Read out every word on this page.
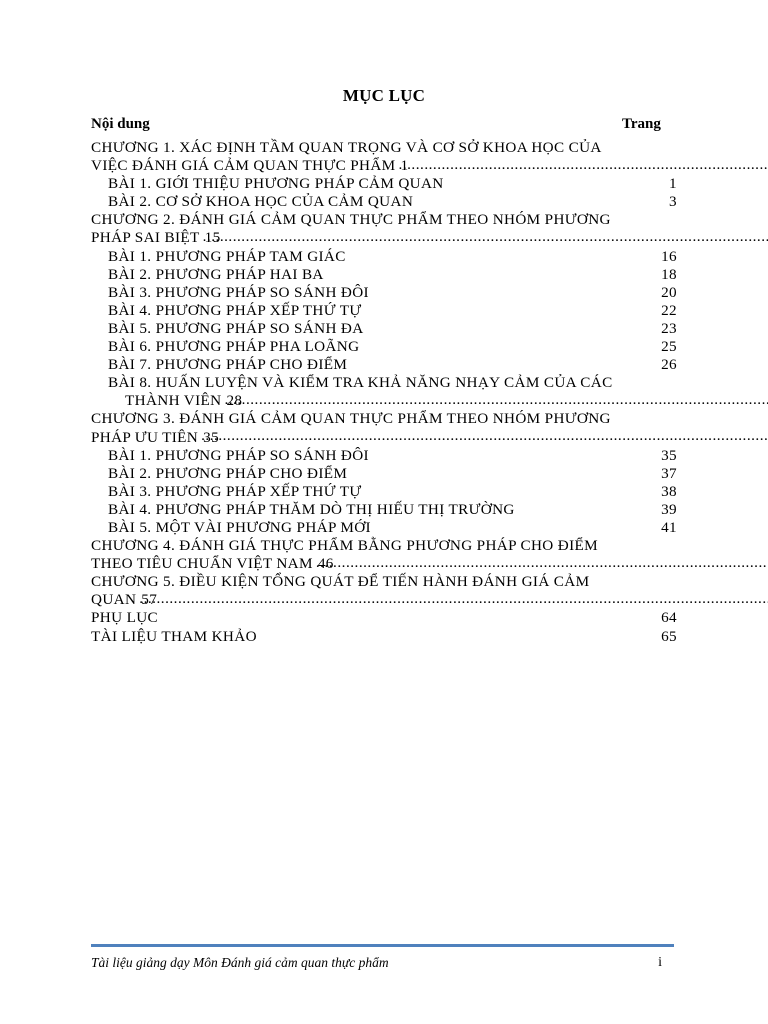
MỤC LỤC
Nội dung	Trang
CHƯƠNG 1. XÁC ĐỊNH TẦM QUAN TRỌNG VÀ CƠ SỞ KHOA HỌC CỦA
VIỆC ĐÁNH GIÁ CẢM QUAN THỰC PHẨM 1
BÀI 1. GIỚI THIỆU PHƯƠNG PHÁP CẢM QUAN	1
BÀI 2. CƠ SỞ KHOA HỌC CỦA CẢM QUAN	3
CHƯƠNG 2. ĐÁNH GIÁ CẢM QUAN THỰC PHẨM THEO NHÓM PHƯƠNG
PHÁP SAI BIỆT 15
BÀI 1. PHƯƠNG PHÁP TAM GIÁC	16
BÀI 2. PHƯƠNG PHÁP HAI BA	18
BÀI 3. PHƯƠNG PHÁP SO SÁNH ĐÔI	20
BÀI 4. PHƯƠNG PHÁP XẾP THỨ TỰ	22
BÀI 5. PHƯƠNG PHÁP SO SÁNH ĐA	23
BÀI 6. PHƯƠNG PHÁP PHA LOÃNG	25
BÀI 7. PHƯƠNG PHÁP CHO ĐIỂM	26
BÀI 8. HUẤN LUYỆN VÀ KIỂM TRA KHẢ NĂNG NHẠY CẢM CỦA CÁC
THÀNH VIÊN 28
CHƯƠNG 3. ĐÁNH GIÁ CẢM QUAN THỰC PHẨM THEO NHÓM PHƯƠNG
PHÁP ƯU TIÊN 35
BÀI 1. PHƯƠNG PHÁP SO SÁNH ĐÔI	35
BÀI 2. PHƯƠNG PHÁP CHO ĐIỂM	37
BÀI 3. PHƯƠNG PHÁP XẾP THỨ TỰ	38
BÀI 4. PHƯƠNG PHÁP THĂM DÒ THỊ HIẾU THỊ TRƯỜNG	39
BÀI 5. MỘT VÀI PHƯƠNG PHÁP MỚI	41
CHƯƠNG 4. ĐÁNH GIÁ THỰC PHẨM BẰNG PHƯƠNG PHÁP CHO ĐIỂM
THEO TIÊU CHUẨN VIỆT NAM 46
CHƯƠNG 5. ĐIỀU KIỆN TỔNG QUÁT ĐỂ TIẾN HÀNH ĐÁNH GIÁ CẢM
QUAN 57
PHỤ LỤC	64
TÀI LIỆU THAM KHẢO	65
Tài liệu giảng dạy Môn Đánh giá cảm quan thực phẩm	i
